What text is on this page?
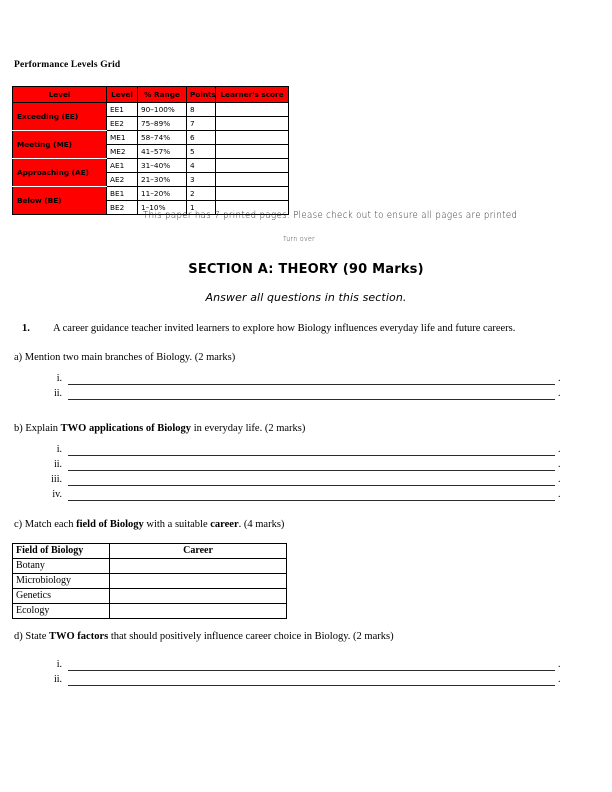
Performance Levels Grid
Level	Level	% Range	Points	Learner's score
Exceeding (EE)	EE1	90–100%	8	
	EE2	75–89%	7	
Meeting (ME)	ME1	58–74%	6	
	ME2	41–57%	5	
Approaching (AE)	AE1	31–40%	4	
	AE2	21–30%	3	
Below (BE)	BE1	11–20%	2	
	BE2	1–10%	1	
This paper has 7 printed pages. Please check out to ensure all pages are printed
Turn over
SECTION A: THEORY (90 Marks)
Answer all questions in this section.
1. A career guidance teacher invited learners to explore how Biology influences everyday life and future careers.
a) Mention two main branches of Biology. (2 marks)
i.	.
ii.	.
b) Explain TWO applications of Biology in everyday life. (2 marks)
i.	.
ii.	.
iii.	.
iv.	.
c) Match each field of Biology with a suitable career. (4 marks)
Field of Biology	Career
Botany	
Microbiology	
Genetics	
Ecology	
d) State TWO factors that should positively influence career choice in Biology. (2 marks)
i.	.
ii.	.
